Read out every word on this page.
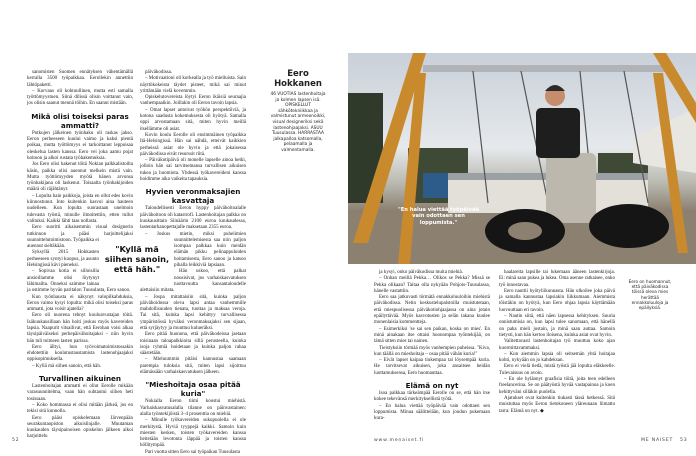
sanomisten Suomen ennätyksen vähentämällä kerralla 3500 työpaikkaa. Eerollekin annettiin lähtöpaketti.

– Korvaus oli kohtuullinen, mutta esti samalla työttömyystuen. Siinä dilissä olisin voittanut vain, jos olisin saanut mennä töihin. En saanut mistään.

Mikä olisi toiseksi paras ammatti?

Potkujen jälkeinen työnhaku oli raskas jakso. Eeron perheeseen kuului vaimo ja kaksi pientä poikaa, mutta työttömyys ei tarkoittanut leppoisaa oleskelua lasten kanssa. Eero vei joka aamu pojat hoitoon ja alkoi rustata työhakemuksia.

Jos Eero olisi hakenut töitä Nokian palkkalistoilta käsin, paikka olisi auennut melkein mistä vain. Mutta työttömyyden myötä hänen arvonsa työnhakijana oli laskenut. Toisaalta työnhakijoiden määrä oli räjähtänyt.

– Lopulta hain paikkoja, joista en ollut edes kovin kiinnostunut. Into kuitenkin kasvoi aina hauteen uudelleen. Kun lopulta suorastaan unelmoin tulevasta työstä, minulle ilmoitettiin, etten tullut valituksi. Kaikki lähti taas nollasta.

Eero suoritti aikaisemmin visual designerin tutkinnon ja pääsi harjoittelijaksi suunnittelutoimistoon. Työpaikka ei auennut sieltäkään.

Syksyllä 2015 Hokkasten perheeseen syntyi kuopus, ja asunto Helsingissä kävi pieneksi.

– Sopivaa kotia ei silloisilla ansioillamme olisi löytynyt lähimailta. Onneksi saimme lainaa ja ostimme hyvän paritalon Tuusulasta, Eero sanoo.

Kun työnhausta ei näkynyt valopilkahduksia, Eeron vaimo kysyi lopulta: mikä olisi toiseksi paras ammatti, jota voisit ajatella?

Eero oli nuorena tehnyt kouluavustajan töitä. Isäkuukausillaan hän hoiti joskus myös kavereiden lapsia. Naapurit vitsailivat, että Eerohan voisi alkaa täysipäiväiseksi perhepäivähoitajaksi – niin hyvin hän tuli toimeen lasten parissa.

Eero älltyi, hun työvoimatoimistossakin ehdotettiin koulutustaustamista lastenohjaajaksi oppisopimuksella.

– Kyllä mä siihen sanoin, että häh.

Turvallinen aikuinen

Lastenhoitajan ammatti ei ollut Eerolle mikään varasuunnitelma, vaan hän suhtautui siihen heti tosissaan.

– Koko hommassa ei olisi mitään järkeä, jos en tekisi sitä kunnolla.

Eero pääsi opiskelemaan Järvenpään seurakuntaopiston aikuislinjalle. Muutaman kuukauden täysipainoisen opiskelun jälkeen alkoi harjoittelu

päiväkodissa.

– Motivaationi oli korkealla ja työ mielluista. Sain näyttökokeista täydet pisteet, mikä sai minut yrittämään vielä kovemmin.

Opiskelutovereista löytyi Eeron ikäisiä seuraajia vanhempaaikin. Joillakin oli Eeron tavoin lapsia.

– Omat lapset antoivat työhön perspektiiviä, ja kotona saadusta kokemuksesta oli hyötyä. Samalla oppi arvostamaan sitä, miten hyvin meillä itsellämme oli asiat.

Kovin koulu Eerolle oli ensimmäinen työpaikka Itä-Helsingissä. Hän sai nähdä, etteivät kaikkien perheissä asiat ole hyvin ja että jokaisessa päiväkodissa eivät resurssit riitä.

– Päiväkotipäivä oli monelle lapselle ainoa hetki, jolloin hän sai tarvitsemansa turvallisen aikuisen tukea ja huomiota. Yhdessä työkavereideni kanssa hoidimme aika vaikeita tapauksia.

Hyvien veronmaksajien kasvattaja

Taloudellisesti Eeron hyppy päivähoitoalalle päivähoitoon oli katastrofi. Lastenhoitajan palkka on kuukausittain Siinäärin 2100 euroa kuukaudessa, lastentarhanopettajalle maksetaan 2355 euroa.

– Joskus mietin, miksi puhelimien suunnittelemisesta saa niin paljon isompaa palkkaa kuin meidän elämän pikku pelinappuloiden hoitamisesta, Eero sanoo ja katsoo pihalla leikkiviä lapsiaan.

Hän uskoo, että palkat nousisivat, jos varhaiskasvatuksen tuottavuutta kansantaloudelle alettaisiin mitata.

– Jospa mitattaisiin sitä, kuinka paljon päivähoidossa oleva lapsi antaa vanhemmille mahdollisuuden tienata, tuottaa ja maksaa veroja. Tai sitä, kuinka lapsi kehittyy turvallisessa ympäristössä hyväksi veronmaksajaksi sen sijaan, että syrjäytyy ja muuttuu kulueräksi.

Eero pitää huonona, että päiväkodeissa jaetaan toisinaan taloapalkkioita sillä perusteella, kuinka isoja ryhmiä hoidetaan ja kuinka paljon rahaa säästetään.

– Mieluummin pitäisi kannustaa saamaan parempia tuloksia sitä, miten lapsi sijoittuu elämässään varhaiskasvatuksen jälkeen.

"Mieshoitaja osaa pitää kuria"

Nokialla Eeron tiimi koostui miehistä. Varhaiskasvatusalalla tilanne on päinvastainen: alalla työntekijöistä 3–4 prosenttia on miehiä.

– Minulle työkavereiden sukupuolella ei ole merkitystä. Hyviä tyyppejä kaikki. Samoin kuin miesten kesken, toisten työkavereiden kanssa heitetään levotonta läppää ja toisten kanssa höllitympää.

Pari vuotta sitten Eero sai työpaikan Tuusulasta

"Kyllä mä siihen sanoin, että häh."
Eero
Hokkanen
46 VUOTIAS lastenhoitaja ja kolmen lapsen isä. OPISKELLUT sähkötekniikkaa ja valmistunut armeonoikki, visual designeriksi sekä lastenohjaajaksi. ASUU Tuusulassa. HARRASTAA jalkapalloa katsomalla, pelaamalla ja valmentamalla.
"En halua viettää työpäivää vain odottaen sen loppumista."

ja kysyi, onko päiväkodissa muita miehiä.

– Onhan meillä Pekka… Olikos se Pekka? Missä se Pekka olikaan? Taitaa olla nykyään Pohjois-Tuusulassa, hänelle vastattiin.

Eero saa jatkuvasti törmätä ennakkoluuloihin miehistä päiväkodissa. Netin keskustelupalstoilla muistutetaan, että miespuolisessa päiväkotiohjaajassa on aina jotain epäilyttävää. Myös kasvotusten ja selän takana kuulee monenlaisia kommentteja.

– Esimerkiksi 'se sai sen paikan, koska on mies'. En minä ainakaan itse ottaisi huonompaa työntekijää, on tämä sitten mies tai nainen.

Tieistyksiin törmää myös vanhempien puheissa. "Kiva, kun täällä on mieshoitaja – osaa pitää vähän kuria!"

– Eivät lapset kaipaa tiukempaa tai löysempää kuria. He tarvitsevat aikuisen, joka ansaitsee heidän luottamuksensa, Eero huomauttaa.

Elämä on nyt

Isoa palkkaa tärkeämpää Eerolle on se, että hän itse kokee tekevänsä merkityksellistä työtä.

– En halua viettää työpäivää vain odottaen sen loppumista. Minua säälittelään, kun joudun pukemaan kura-

haalareita lapsille tai lukemaan ääneen lastenkirjoja. Ei: minä saan pukea ja lukea. Oma asenne ratkaisee, onko työ innostavaa.

Eero nauttii hyötyliikunnasta. Hän ulkoilee joka päivä ja samalla kannustaa lapsiakin liikkumaan. Aiemmista töistäkin on hyötyä, kun Eero ohjaa lapsia käyttämään luovuuttaan eri tavoin.

– Nautin siitä, että näen lapsessa kehityksen. Suuria onnistumisia on, kun lapsi tulee sanomaan, että hänellä on paha mieli jostain, ja minä saan auttaa. Samoin tietysti, kun hän kertoo iloisena, kuinka asiat ovat hyvin.

Valitettavasti lastenhoitajan työ muuttuu koko ajan kuormittavammaksi.

– Kun aiemmin lapsia oli seitsemän yhtä hoitajaa kohti, nykyään on jo kahdeksan.

Eero ei vielä tiedä, mistä työstä jää lopulta eläkkeelle. Tulevaisuus on avoin.

– En ole hylännyt graafisia töitä, joita teen edelleen freelancerina. Se on päätyöstä hyvää vastapainoa ja koen kehittyväni silläkin puolella.

Ajatukset ovat kuitenkin tiukasti tässä hetkessä. Sitä muistuttaa myös Eeron tietokoneen yläreunaan liimattu tarra: Elämä on nyt. ◆

Eero on huomannut, että päiväkodissa töissä oleva mies herättää ennakkoluuloja ja epäilyksiä.
52	www.menaiset.fi	ME NAISET 53
